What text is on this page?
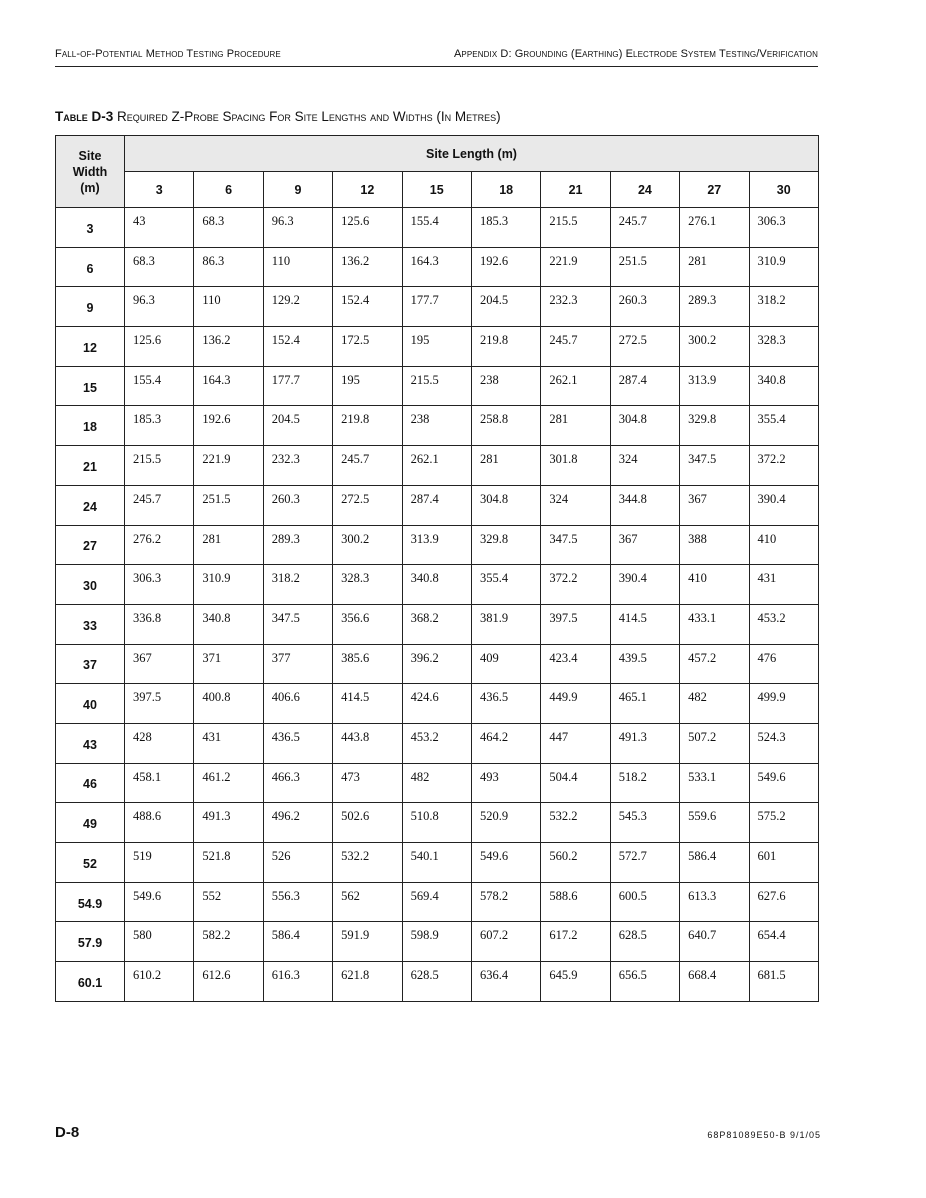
Fall-of-Potential Method Testing Procedure	Appendix D: Grounding (Earthing) Electrode System Testing/Verification
Table D-3 Required Z-Probe Spacing For Site Lengths and Widths (In Metres)
Site
Width
(m)	Site Length (m)									
	3	6	9	12	15	18	21	24	27	30
3	43	68.3	96.3	125.6	155.4	185.3	215.5	245.7	276.1	306.3
6	68.3	86.3	110	136.2	164.3	192.6	221.9	251.5	281	310.9
9	96.3	110	129.2	152.4	177.7	204.5	232.3	260.3	289.3	318.2
12	125.6	136.2	152.4	172.5	195	219.8	245.7	272.5	300.2	328.3
15	155.4	164.3	177.7	195	215.5	238	262.1	287.4	313.9	340.8
18	185.3	192.6	204.5	219.8	238	258.8	281	304.8	329.8	355.4
21	215.5	221.9	232.3	245.7	262.1	281	301.8	324	347.5	372.2
24	245.7	251.5	260.3	272.5	287.4	304.8	324	344.8	367	390.4
27	276.2	281	289.3	300.2	313.9	329.8	347.5	367	388	410
30	306.3	310.9	318.2	328.3	340.8	355.4	372.2	390.4	410	431
33	336.8	340.8	347.5	356.6	368.2	381.9	397.5	414.5	433.1	453.2
37	367	371	377	385.6	396.2	409	423.4	439.5	457.2	476
40	397.5	400.8	406.6	414.5	424.6	436.5	449.9	465.1	482	499.9
43	428	431	436.5	443.8	453.2	464.2	447	491.3	507.2	524.3
46	458.1	461.2	466.3	473	482	493	504.4	518.2	533.1	549.6
49	488.6	491.3	496.2	502.6	510.8	520.9	532.2	545.3	559.6	575.2
52	519	521.8	526	532.2	540.1	549.6	560.2	572.7	586.4	601
54.9	549.6	552	556.3	562	569.4	578.2	588.6	600.5	613.3	627.6
57.9	580	582.2	586.4	591.9	598.9	607.2	617.2	628.5	640.7	654.4
60.1	610.2	612.6	616.3	621.8	628.5	636.4	645.9	656.5	668.4	681.5
D-8	68P81089E50-B 9/1/05
